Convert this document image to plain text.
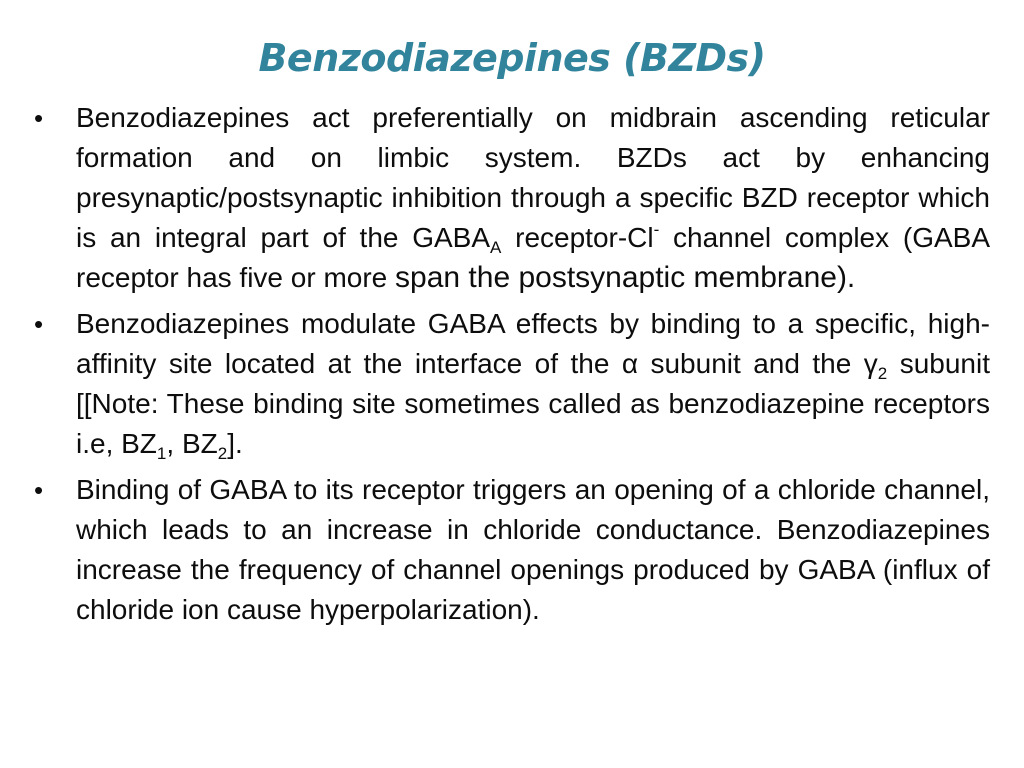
Benzodiazepines (BZDs)
•	Benzodiazepines act preferentially on midbrain ascending reticular formation and on limbic system. BZDs act by enhancing presynaptic/postsynaptic inhibition through a specific BZD receptor which is an integral part of the $GABA_A$ receptor-Cl- channel complex (GABA receptor has five or more span the postsynaptic membrane).
•	Benzodiazepines modulate GABA effects by binding to a specific, high-affinity site located at the interface of the α subunit and the $\gamma_2$ subunit [[Note: These binding site sometimes called as benzodiazepine receptors i.e, $BZ_1$, $BZ_2$].
•	Binding of GABA to its receptor triggers an opening of a chloride channel, which leads to an increase in chloride conductance. Benzodiazepines increase the frequency of channel openings produced by GABA (influx of chloride ion cause hyperpolarization).
